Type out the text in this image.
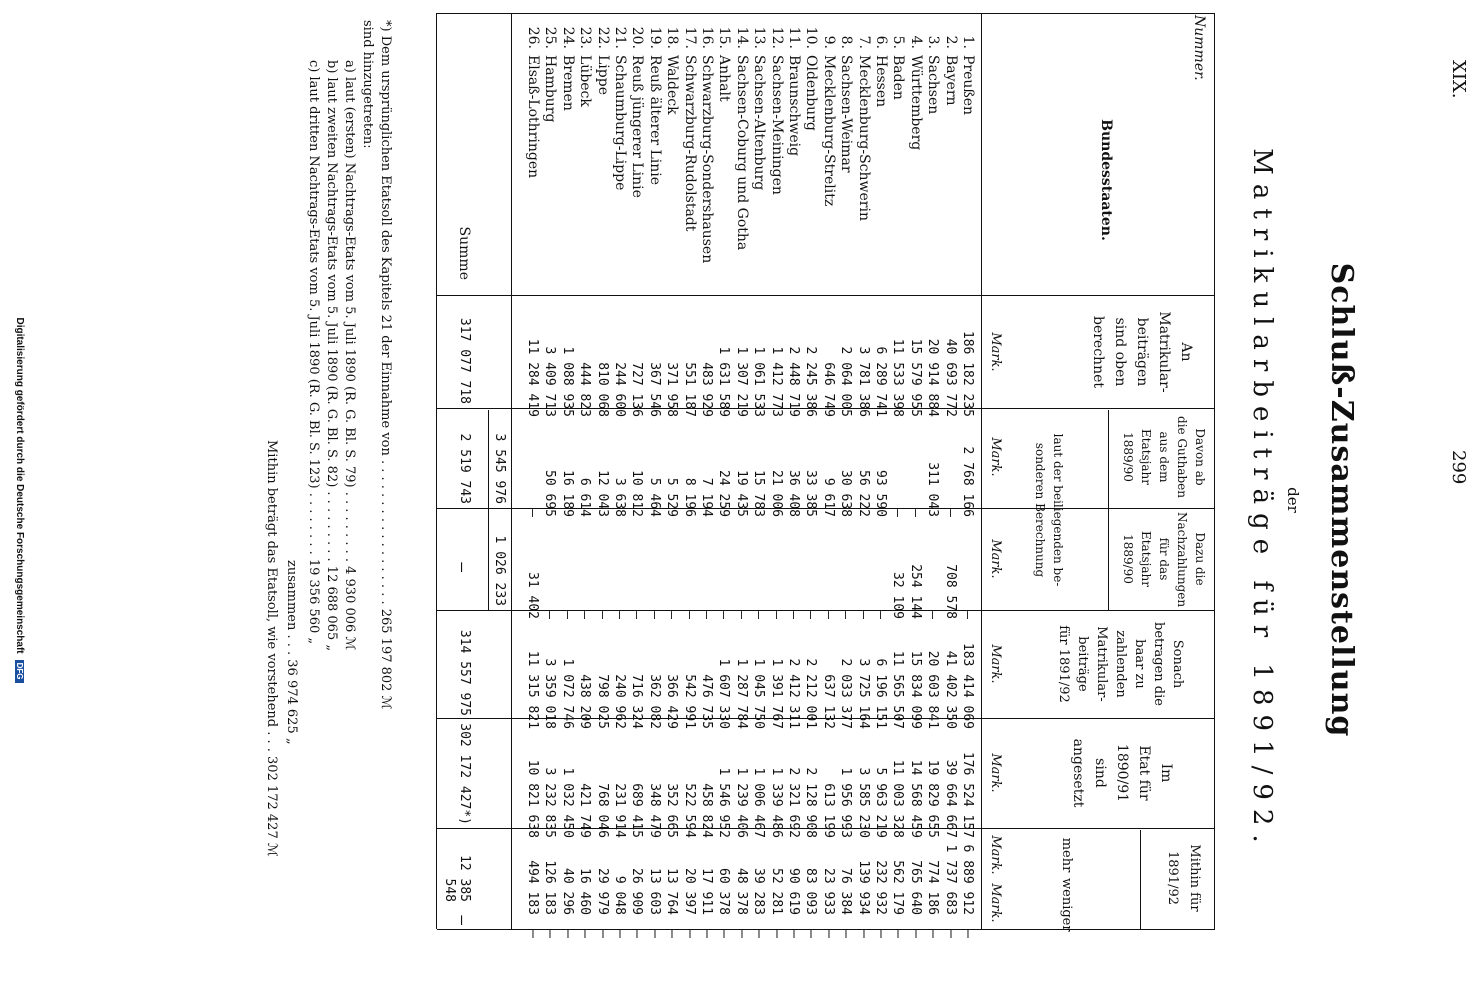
299
XIX.
Schluß-Zusammenstellung
der
Matrikularbeiträge für 1891/92.
Nummer.
Bundesstaaten.
An
Matrikular-
beiträgen
sind oben
berechnet
Davon ab
die Guthaben
aus dem
Etatsjahr
1889/90
Dazu die
Nachzahlungen
für das
Etatsjahr
1889/90
laut der beiliegenden be-
sonderen Berechnung
Sonach
betragen die
baar zu
zahlenden
Matrikular-
beiträge
für 1891/92
Im
Etat für
1890/91
sind
angesetzt
Mithin für 1891/92
mehr
weniger
Mark.
Mark.
Mark.
Mark.
Mark.
Mark.
Mark.
1.
Preußen
186 182 235
2 768 166
—
183 414 069
176 524 157
6 889 912
—
2.
Bayern
40 693 772
—
708 578
41 402 350
39 664 667
1 737 683
—
3.
Sachsen
20 914 884
311 043
—
20 603 841
19 829 655
774 186
—
4.
Württemberg
15 579 955
—
254 144
15 834 099
14 568 459
765 640
—
5.
Baden
11 533 398
—
32 109
11 565 507
11 003 328
562 179
—
6.
Hessen
6 289 741
93 590
—
6 196 151
5 963 219
232 932
—
7.
Mecklenburg-Schwerin
3 781 386
56 222
—
3 725 164
3 585 230
139 934
—
8.
Sachsen-Weimar
2 064 005
30 638
—
2 033 377
1 956 993
76 384
—
9.
Mecklenburg-Strelitz
646 749
9 617
—
637 132
613 199
23 933
—
10.
Oldenburg
2 245 386
33 385
—
2 212 001
2 128 908
83 093
—
11.
Braunschweig
2 448 719
36 408
—
2 412 311
2 321 692
90 619
—
12.
Sachsen-Meiningen
1 412 773
21 006
—
1 391 767
1 339 486
52 281
—
13.
Sachsen-Altenburg
1 061 533
15 783
—
1 045 750
1 006 467
39 283
—
14.
Sachsen-Coburg und Gotha
1 307 219
19 435
—
1 287 784
1 239 406
48 378
—
15.
Anhalt
1 631 589
24 259
—
1 607 330
1 546 952
60 378
—
16.
Schwarzburg-Sondershausen
483 929
7 194
—
476 735
458 824
17 911
—
17.
Schwarzburg-Rudolstadt
551 187
8 196
—
542 991
522 594
20 397
—
18.
Waldeck
371 958
5 529
—
366 429
352 665
13 764
—
19.
Reuß älterer Linie
367 546
5 464
—
362 082
348 479
13 603
—
20.
Reuß jüngerer Linie
727 136
10 812
—
716 324
689 415
26 909
—
21.
Schaumburg-Lippe
244 600
3 638
—
240 962
231 914
9 048
—
22.
Lippe
810 068
12 043
—
798 025
768 046
29 979
—
23.
Lübeck
444 823
6 614
—
438 209
421 749
16 460
—
24.
Bremen
1 088 935
16 189
—
1 072 746
1 032 450
40 296
—
25.
Hamburg
3 409 713
50 695
—
3 359 018
3 232 835
126 183
—
26.
Elsaß-Lothringen
11 284 419
—
31 402
11 315 821
10 821 638
494 183
—
3 545 976
1 026 233
Summe
317 077 718
2 519 743
—
314 557 975
302 172 427*)
12 385 548
—
*) Dem ursprünglichen Etatsoll des Kapitels 21 der Einnahme von . . . . . . . . . . . . . . . . . . 265 197 802 ℳ
sind hinzugetreten:
a) laut (ersten) Nachtrags-Etats vom 5. Juli 1890 (R. G. Bl. S. 79) . . . . . . . . . 4 930 006 ℳ
b) laut zweiten Nachtrags-Etats vom 5. Juli 1890 (R. G. Bl. S. 82) . . . . . . . . . 12 688 065 „
c) laut dritten Nachtrags-Etats vom 5. Juli 1890 (R. G. Bl. S. 123) . . . . . . . . 19 356 560 „
zusammen . . . 36 974 625 „
Mithin beträgt das Etatsoll, wie vorstehend . . . 302 172 427 ℳ
Digitalisierung gefördert durch die Deutsche ForschungsgemeinschaftDFG
